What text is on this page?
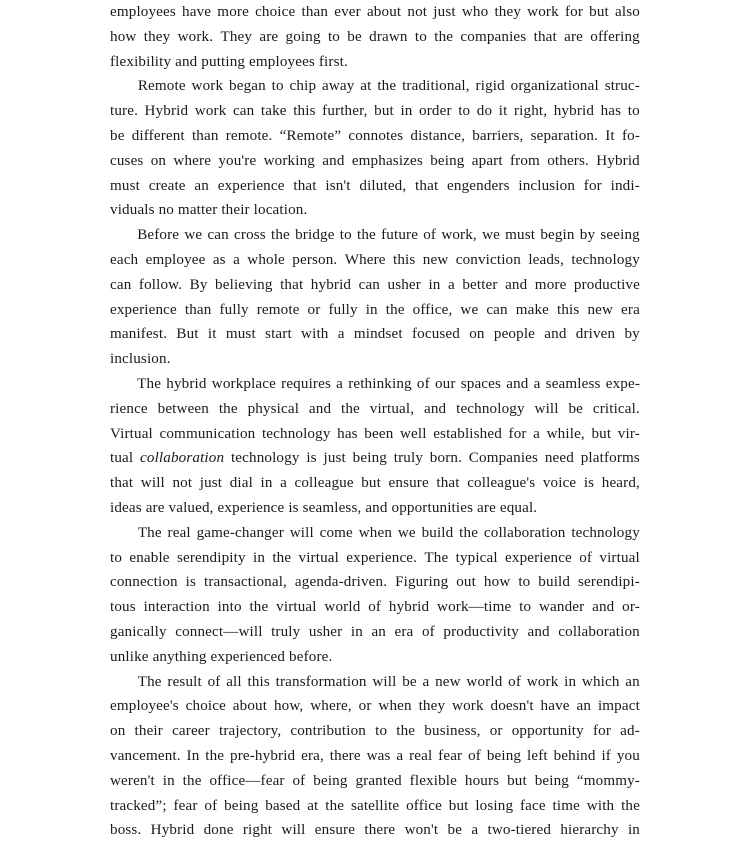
employees have more choice than ever about not just who they work for but also
how they work. They are going to be drawn to the companies that are offering
flexibility and putting employees first.

Remote work began to chip away at the traditional, rigid organizational struc-
ture. Hybrid work can take this further, but in order to do it right, hybrid has to
be different than remote. “Remote” connotes distance, barriers, separation. It fo-
cuses on where you're working and emphasizes being apart from others. Hybrid
must create an experience that isn't diluted, that engenders inclusion for indi-
viduals no matter their location.

Before we can cross the bridge to the future of work, we must begin by seeing
each employee as a whole person. Where this new conviction leads, technology
can follow. By believing that hybrid can usher in a better and more productive
experience than fully remote or fully in the office, we can make this new era
manifest. But it must start with a mindset focused on people and driven by
inclusion.

The hybrid workplace requires a rethinking of our spaces and a seamless expe-
rience between the physical and the virtual, and technology will be critical.
Virtual communication technology has been well established for a while, but vir-
tual collaboration technology is just being truly born. Companies need platforms
that will not just dial in a colleague but ensure that colleague's voice is heard,
ideas are valued, experience is seamless, and opportunities are equal.

The real game-changer will come when we build the collaboration technology
to enable serendipity in the virtual experience. The typical experience of virtual
connection is transactional, agenda-driven. Figuring out how to build serendipi-
tous interaction into the virtual world of hybrid work—time to wander and or-
ganically connect—will truly usher in an era of productivity and collaboration
unlike anything experienced before.

The result of all this transformation will be a new world of work in which an
employee's choice about how, where, or when they work doesn't have an impact
on their career trajectory, contribution to the business, or opportunity for ad-
vancement. In the pre-hybrid era, there was a real fear of being left behind if you
weren't in the office—fear of being granted flexible hours but being “mommy-
tracked”; fear of being based at the satellite office but losing face time with the
boss. Hybrid done right will ensure there won't be a two-tiered hierarchy in
